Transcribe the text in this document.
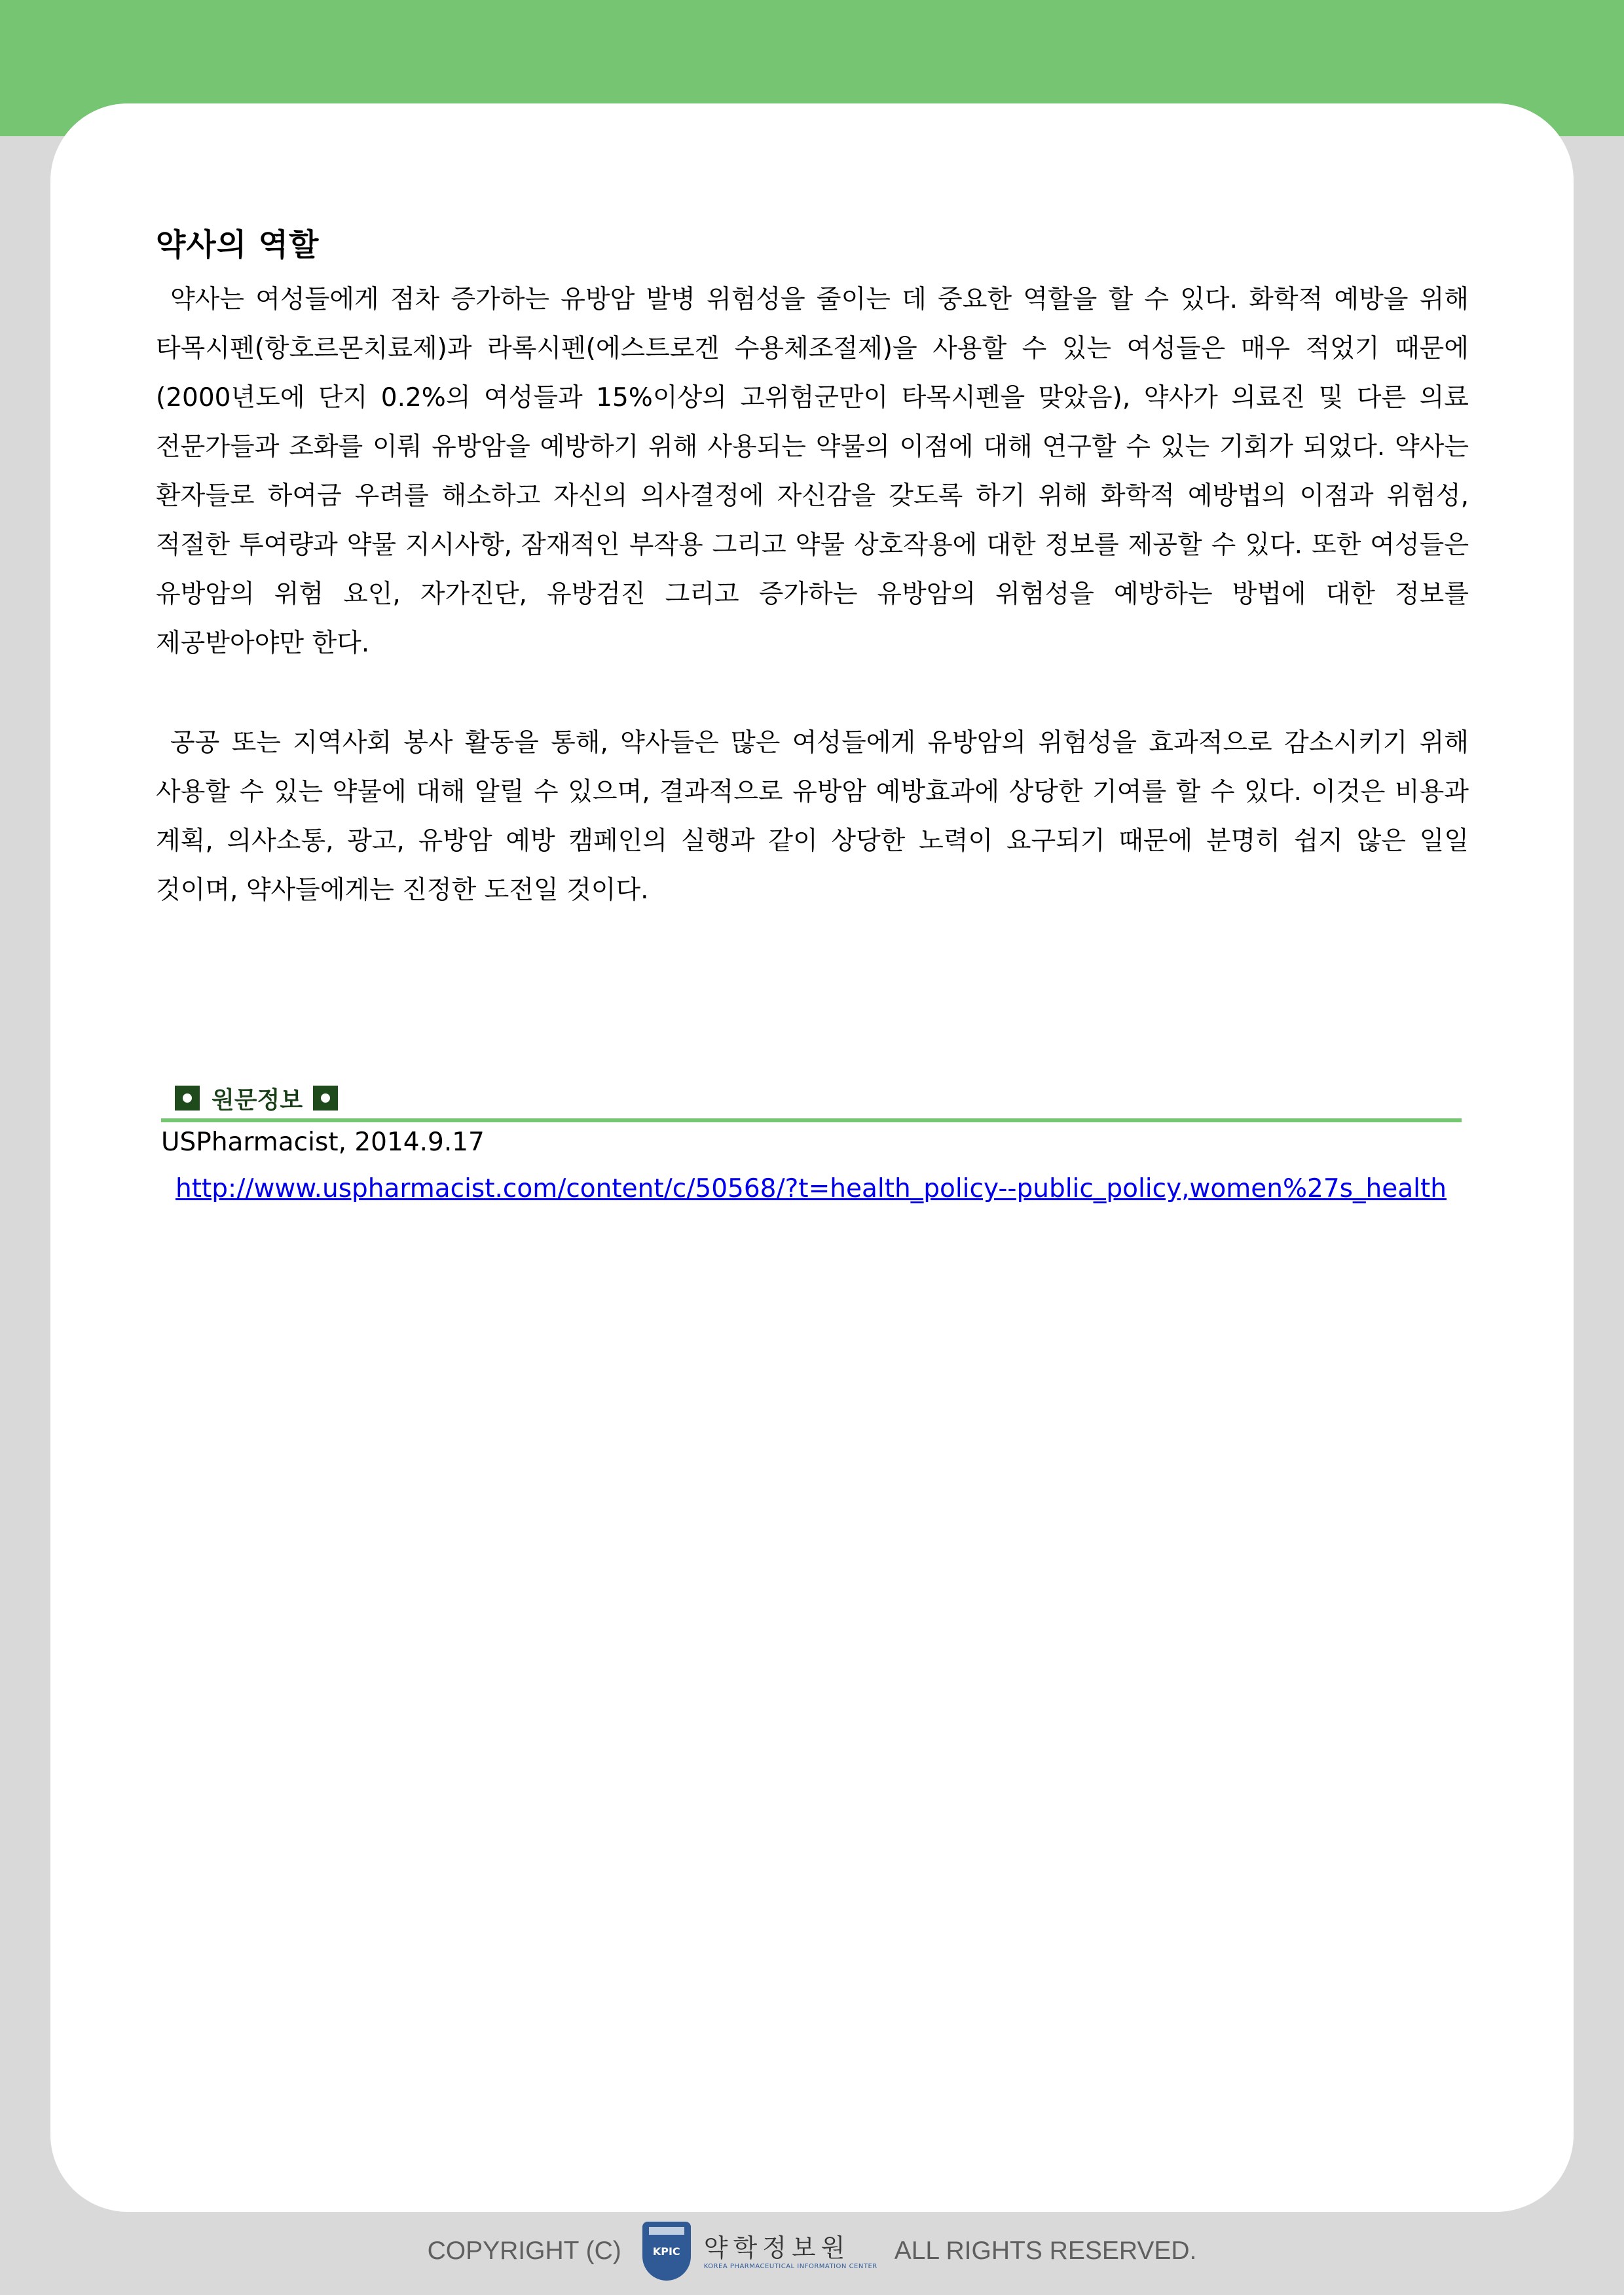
약사의 역할

약사는 여성들에게 점차 증가하는 유방암 발병 위험성을 줄이는 데 중요한 역할을 할 수 있다. 화학적 예방을 위해 타목시펜(항호르몬치료제)과 라록시펜(에스트로겐 수용체조절제)을 사용할 수 있는 여성들은 매우 적었기 때문에(2000년도에 단지 0.2%의 여성들과 15%이상의 고위험군만이 타목시펜을 맞았음), 약사가 의료진 및 다른 의료 전문가들과 조화를 이뤄 유방암을 예방하기 위해 사용되는 약물의 이점에 대해 연구할 수 있는 기회가 되었다. 약사는 환자들로 하여금 우려를 해소하고 자신의 의사결정에 자신감을 갖도록 하기 위해 화학적 예방법의 이점과 위험성, 적절한 투여량과 약물 지시사항, 잠재적인 부작용 그리고 약물 상호작용에 대한 정보를 제공할 수 있다. 또한 여성들은 유방암의 위험 요인, 자가진단, 유방검진 그리고 증가하는 유방암의 위험성을 예방하는 방법에 대한 정보를 제공받아야만 한다.

공공 또는 지역사회 봉사 활동을 통해, 약사들은 많은 여성들에게 유방암의 위험성을 효과적으로 감소시키기 위해 사용할 수 있는 약물에 대해 알릴 수 있으며, 결과적으로 유방암 예방효과에 상당한 기여를 할 수 있다. 이것은 비용과 계획, 의사소통, 광고, 유방암 예방 캠페인의 실행과 같이 상당한 노력이 요구되기 때문에 분명히 쉽지 않은 일일 것이며, 약사들에게는 진정한 도전일 것이다.

원문정보
USPharmacist, 2014.9.17
http://www.uspharmacist.com/content/c/50568/?t=health_policy--public_policy,women%27s_health
COPYRIGHT (C)	KPIC 약학정보원
KOREA PHARMACEUTICAL INFORMATION CENTER
ALL RIGHTS RESERVED.
